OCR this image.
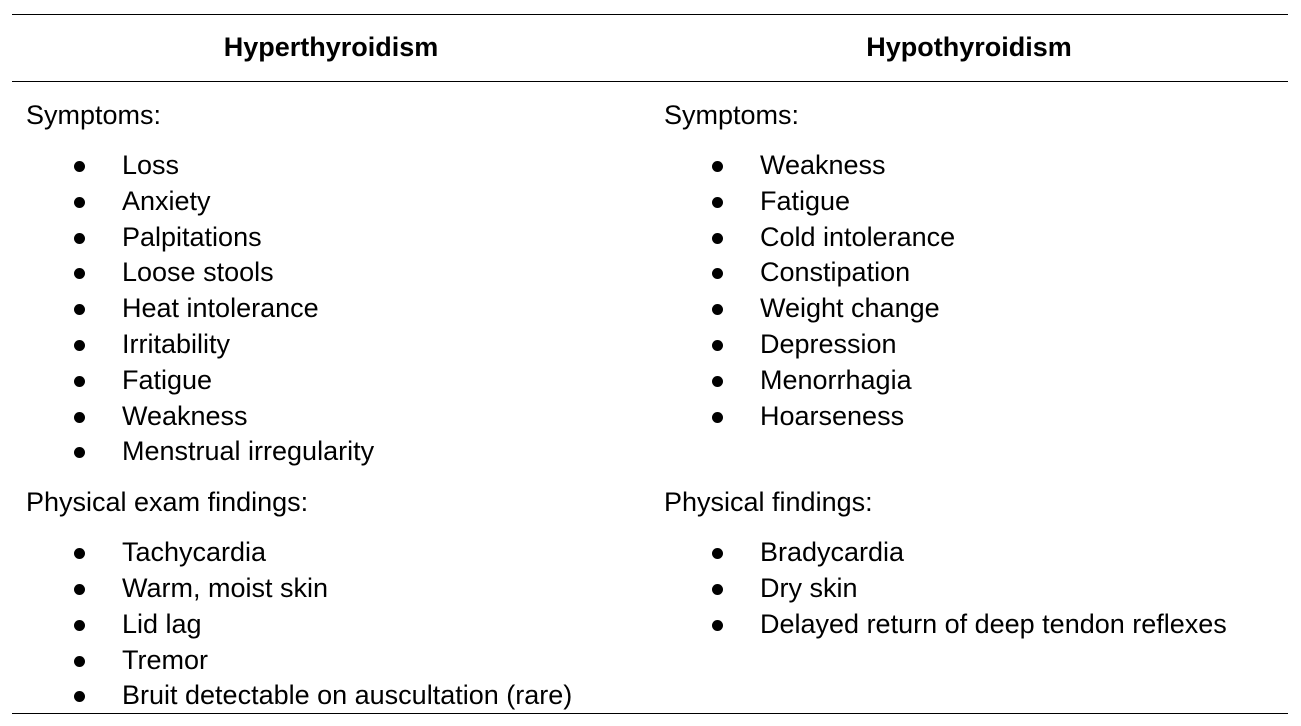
Hyperthyroidism	Hypothyroidism

Symptoms:

Loss
Anxiety
Palpitations
Loose stools
Heat intolerance
Irritability
Fatigue
Weakness
Menstrual irregularity

Physical exam findings:

Tachycardia
Warm, moist skin
Lid lag
Tremor
Bruit detectable on auscultation (rare)

Symptoms:

Weakness
Fatigue
Cold intolerance
Constipation
Weight change
Depression
Menorrhagia
Hoarseness

Physical findings:

Bradycardia
Dry skin
Delayed return of deep tendon reflexes
